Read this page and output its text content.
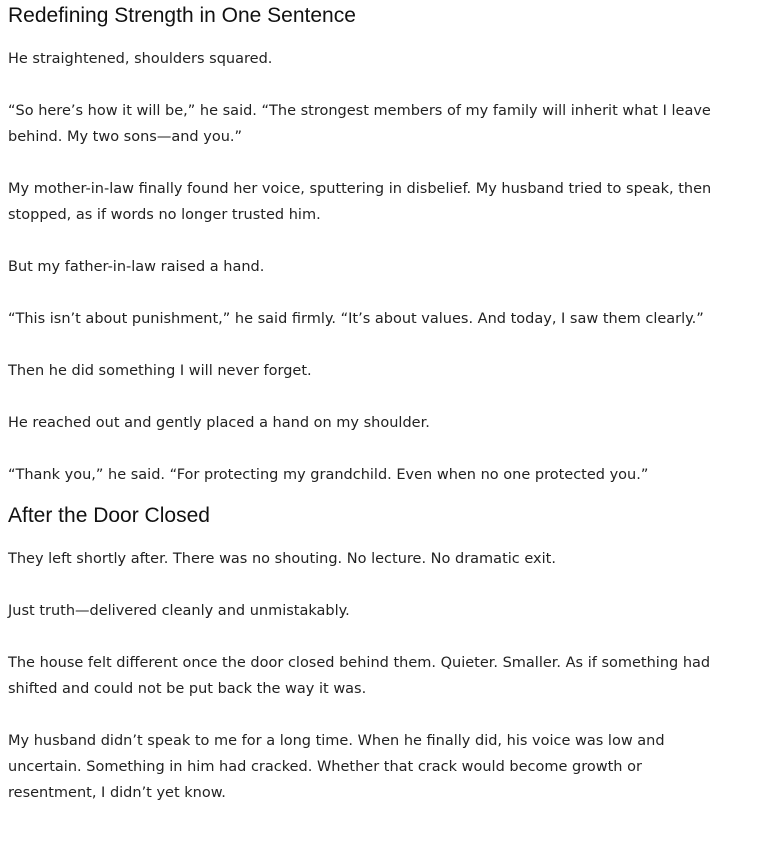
Redefining Strength in One Sentence

He straightened, shoulders squared.

“So here’s how it will be,” he said. “The strongest members of my family will inherit what I leave behind. My two sons—and you.”

My mother-in-law finally found her voice, sputtering in disbelief. My husband tried to speak, then stopped, as if words no longer trusted him.

But my father-in-law raised a hand.

“This isn’t about punishment,” he said firmly. “It’s about values. And today, I saw them clearly.”

Then he did something I will never forget.

He reached out and gently placed a hand on my shoulder.

“Thank you,” he said. “For protecting my grandchild. Even when no one protected you.”

After the Door Closed

They left shortly after. There was no shouting. No lecture. No dramatic exit.

Just truth—delivered cleanly and unmistakably.

The house felt different once the door closed behind them. Quieter. Smaller. As if something had shifted and could not be put back the way it was.

My husband didn’t speak to me for a long time. When he finally did, his voice was low and uncertain. Something in him had cracked. Whether that crack would become growth or resentment, I didn’t yet know.
